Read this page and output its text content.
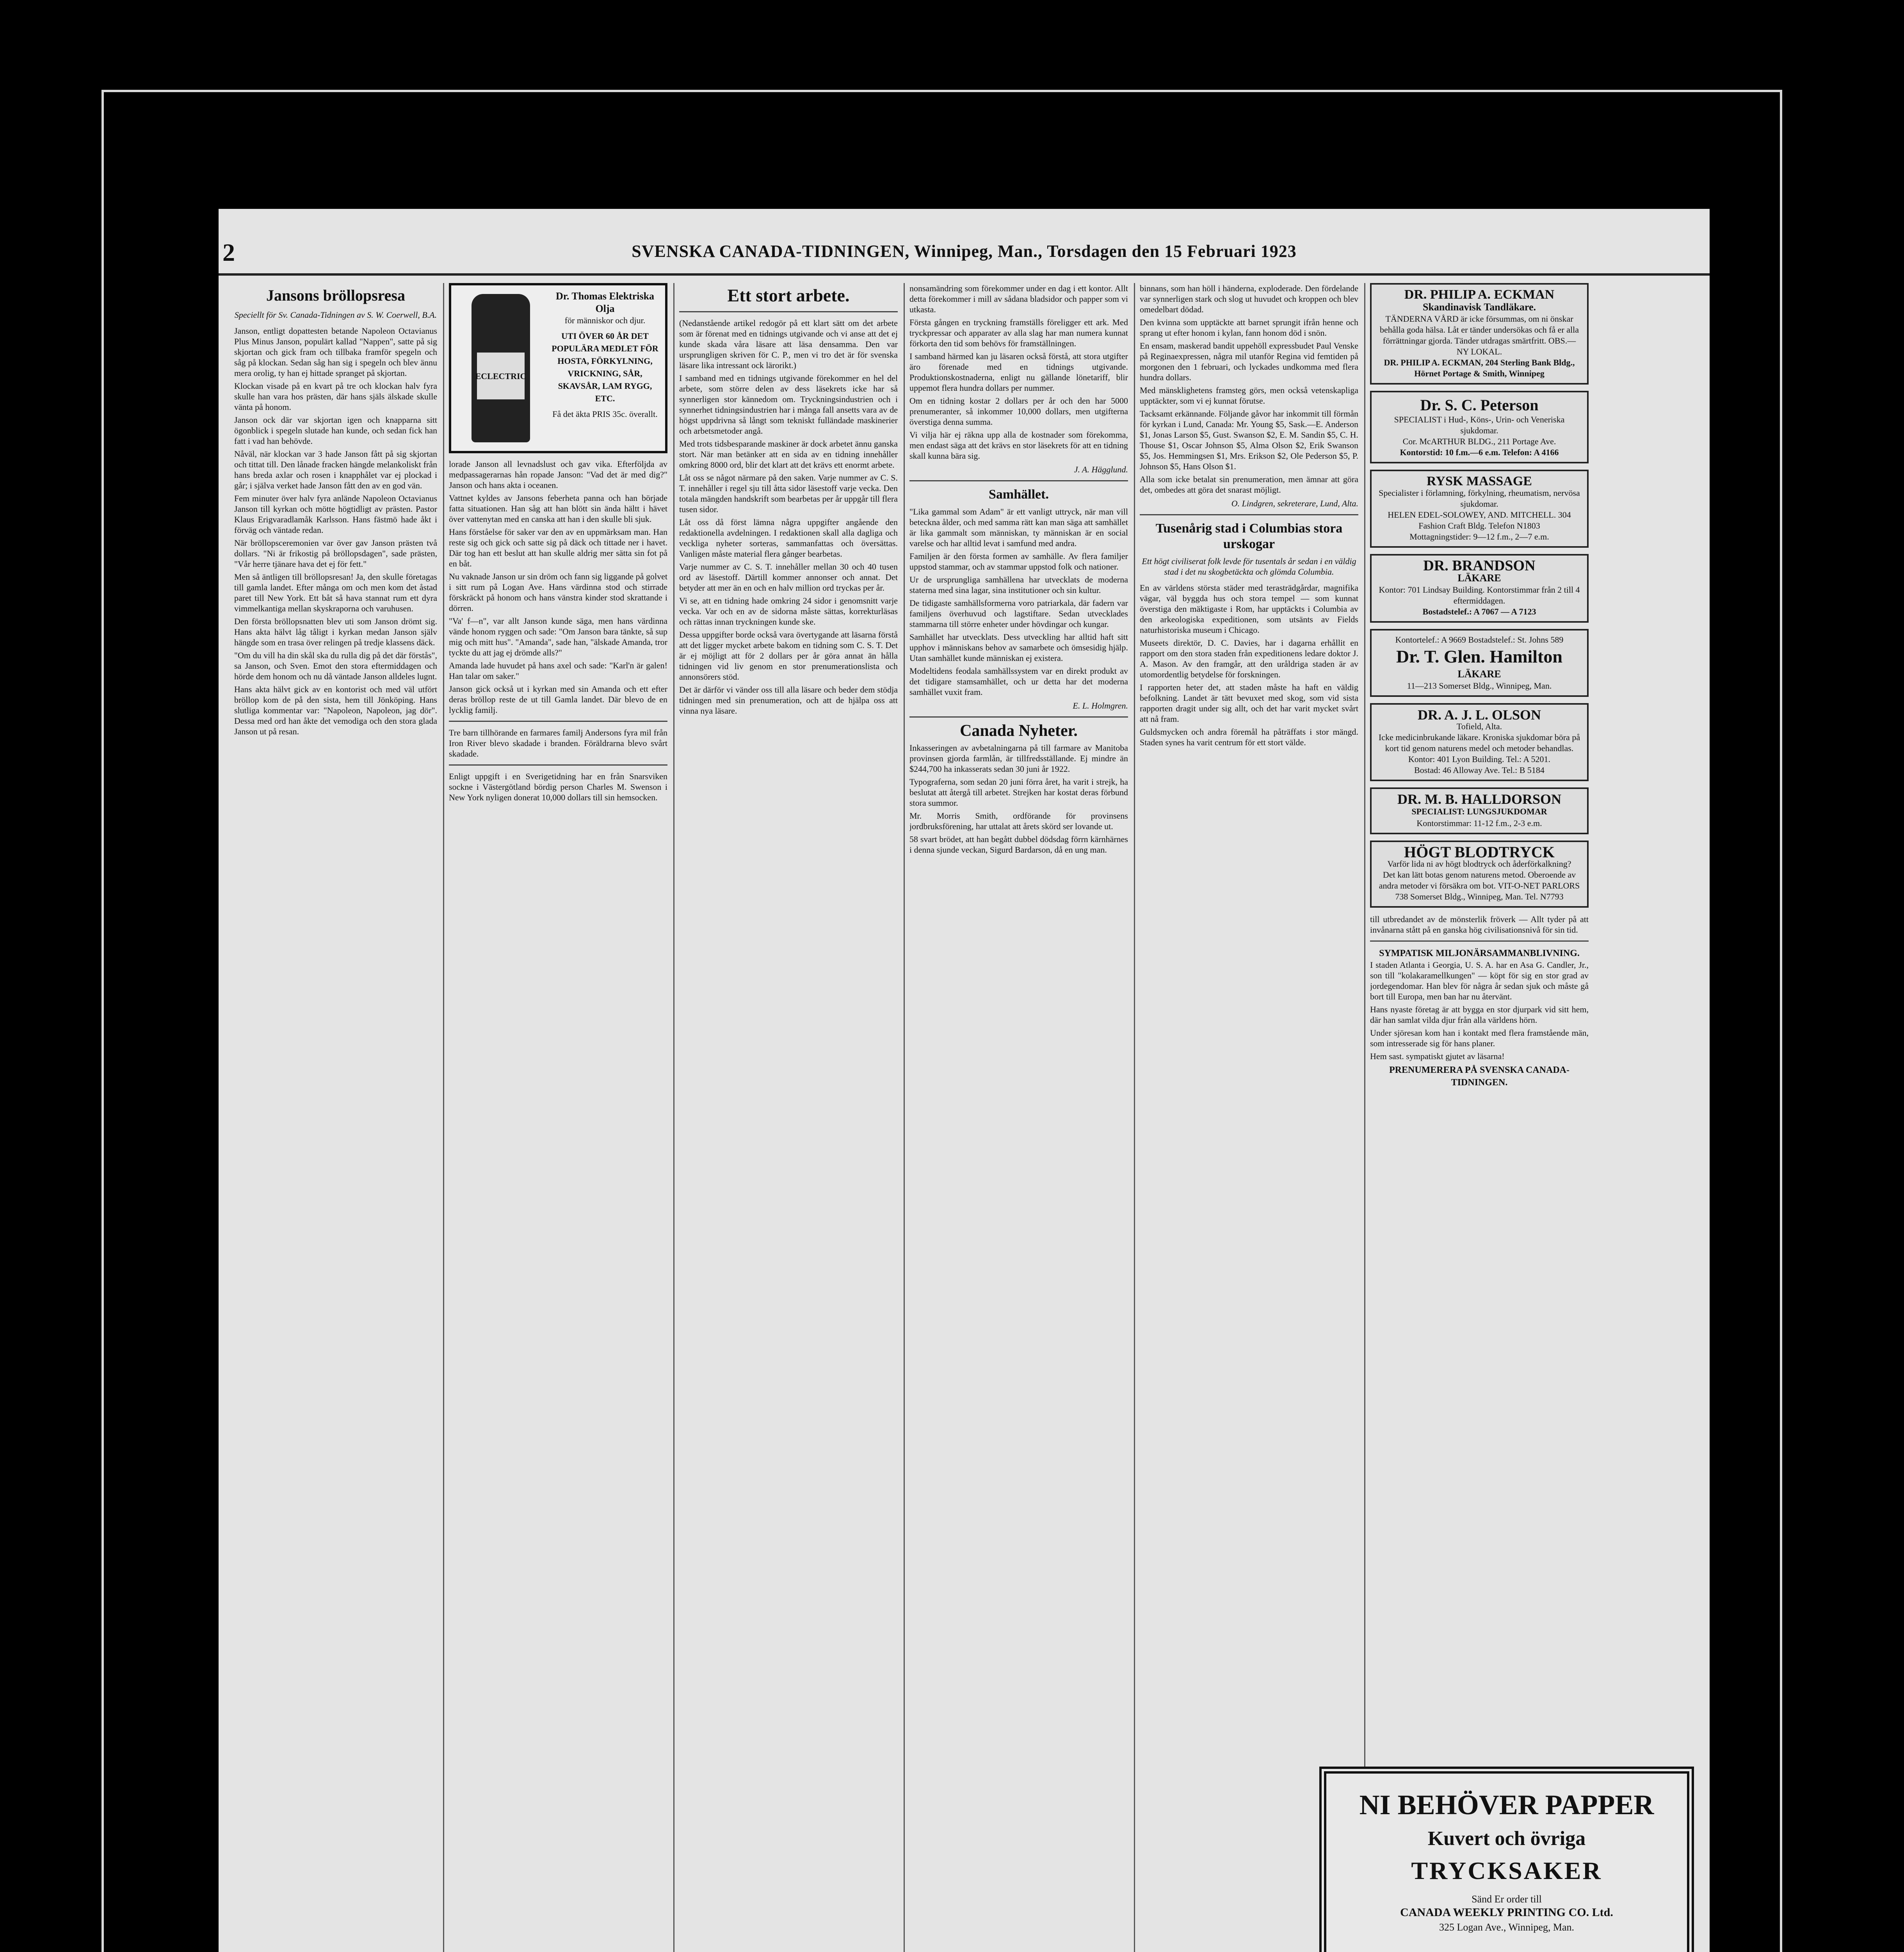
2	SVENSKA CANADA-TIDNINGEN, Winnipeg, Man., Torsdagen den 15 Februari 1923
Jansons bröllopsresa
Speciellt för Sv. Canada-Tidningen av S. W. Coerwell, B.A.

Janson, entligt dopattesten betande Napoleon Octavianus Plus Minus Janson, populärt kallad "Nappen", satte på sig skjortan och gick fram och tillbaka framför spegeln och såg på klockan. Sedan såg han sig i spegeln och blev ännu mera orolig, ty han ej hittade spranget på skjortan.

Klockan visade på en kvart på tre och klockan halv fyra skulle han vara hos prästen, där hans själs älskade skulle vänta på honom.

Janson ock där var skjortan igen och knapparna sitt ögonblick i spegeln slutade han kunde, och sedan fick han fatt i vad han behövde.

Nåväl, när klockan var 3 hade Janson fått på sig skjortan och tittat till. Den lånade fracken hängde melankoliskt från hans breda axlar och rosen i knapphålet var ej plockad i går; i själva verket hade Janson fått den av en god vän.

Fem minuter över halv fyra anlände Napoleon Octavianus Janson till kyrkan och mötte högtidligt av prästen. Pastor Klaus Erigvaradlamåk Karlsson. Hans fästmö hade åkt i förväg och väntade redan.

När bröllopsceremonien var över gav Janson prästen två dollars. "Ni är frikostig på bröllopsdagen", sade prästen, "Vår herre tjänare hava det ej för fett."

Men så äntligen till bröllopsresan! Ja, den skulle företagas till gamla landet. Efter många om och men kom det åstad paret till New York. Ett båt så hava stannat rum ett dyra vimmelkantiga mellan skyskraporna och varuhusen.

Den första bröllopsnatten blev uti som Janson drömt sig. Hans akta hälvt låg tåligt i kyrkan medan Janson själv hängde som en trasa över relingen på tredje klassens däck.

"Om du vill ha din skål ska du rulla dig på det där förstås", sa Janson, och Sven. Emot den stora eftermiddagen och hörde dem honom och nu då väntade Janson alldeles lugnt.

Hans akta hälvt gick av en kontorist och med väl utfört bröllop kom de på den sista, hem till Jönköping. Hans slutliga kommentar var: "Napoleon, Napoleon, jag dör". Dessa med ord han åkte det vemodiga och den stora glada Janson ut på resan.

ECLECTRIC
Dr. Thomas Elektriska Olja
för människor och djur.
UTI ÖVER 60 ÅR DET POPULÄRA MEDLET FÖR HOSTA, FÖRKYLNING, VRICKNING, SÅR, SKAVSÅR, LAM RYGG, ETC.
Få det äkta PRIS 35c. överallt.

lorade Janson all levnadslust och gav vika. Efterföljda av medpassagerarnas hån ropade Janson: "Vad det är med dig?" Janson och hans akta i oceanen.

Vattnet kyldes av Jansons feberheta panna och han började fatta situationen. Han såg att han blött sin ända hältt i hävet över vattenytan med en canska att han i den skulle bli sjuk.

Hans förståelse för saker var den av en uppmärksam man. Han reste sig och gick och satte sig på däck och tittade ner i havet. Där tog han ett beslut att han skulle aldrig mer sätta sin fot på en båt.

Nu vaknade Janson ur sin dröm och fann sig liggande på golvet i sitt rum på Logan Ave. Hans värdinna stod och stirrade förskräckt på honom och hans vänstra kinder stod skrattande i dörren.

"Va' f—n", var allt Janson kunde säga, men hans värdinna vände honom ryggen och sade: "Om Janson bara tänkte, så sup mig och mitt hus". "Amanda", sade han, "älskade Amanda, tror tyckte du att jag ej drömde alls?"

Amanda lade huvudet på hans axel och sade: "Karl'n är galen! Han talar om saker."

Janson gick också ut i kyrkan med sin Amanda och ett efter deras bröllop reste de ut till Gamla landet. Där blevo de en lycklig familj.

Tre barn tillhörande en farmares familj Andersons fyra mil från Iron River blevo skadade i branden. Föräldrarna blevo svårt skadade.

Enligt uppgift i en Sverigetidning har en från Snarsviken sockne i Västergötland bördig person Charles M. Swenson i New York nyligen donerat 10,000 dollars till sin hemsocken.

Ett stort arbete.

(Nedanstående artikel redogör på ett klart sätt om det arbete som är förenat med en tidnings utgivande och vi anse att det ej kunde skada våra läsare att läsa densamma. Den var ursprungligen skriven för C. P., men vi tro det är för svenska läsare lika intressant ock lärorikt.)

I samband med en tidnings utgivande förekommer en hel del arbete, som större delen av dess läsekrets icke har så synnerligen stor kännedom om. Tryckningsindustrien och i synnerhet tidningsindustrien har i många fall ansetts vara av de högst uppdrivna så långt som tekniskt fulländade maskinerier och arbetsmetoder angå.

Med trots tidsbesparande maskiner är dock arbetet ännu ganska stort. När man betänker att en sida av en tidning innehåller omkring 8000 ord, blir det klart att det krävs ett enormt arbete.

Låt oss se något närmare på den saken. Varje nummer av C. S. T. innehåller i regel sju till åtta sidor läsestoff varje vecka. Den totala mängden handskrift som bearbetas per år uppgår till flera tusen sidor.

Låt oss då först lämna några uppgifter angående den redaktionella avdelningen. I redaktionen skall alla dagliga och veckliga nyheter sorteras, sammanfattas och översättas. Vanligen måste material flera gånger bearbetas.

Varje nummer av C. S. T. innehåller mellan 30 och 40 tusen ord av läsestoff. Därtill kommer annonser och annat. Det betyder att mer än en och en halv million ord tryckas per år.

Vi se, att en tidning hade omkring 24 sidor i genomsnitt varje vecka. Var och en av de sidorna måste sättas, korrekturläsas och rättas innan tryckningen kunde ske.

Dessa uppgifter borde också vara övertygande att läsarna förstå att det ligger mycket arbete bakom en tidning som C. S. T. Det är ej möjligt att för 2 dollars per år göra annat än hålla tidningen vid liv genom en stor prenumerationslista och annonsörers stöd.

Det är därför vi vänder oss till alla läsare och beder dem stödja tidningen med sin prenumeration, och att de hjälpa oss att vinna nya läsare.

nonsamändring som förekommer under en dag i ett kontor. Allt detta förekommer i mill av sådana bladsidor och papper som vi utkasta.

Första gången en tryckning framställs föreligger ett ark. Med tryckpressar och apparater av alla slag har man numera kunnat förkorta den tid som behövs för framställningen.

I samband härmed kan ju läsaren också förstå, att stora utgifter äro förenade med en tidnings utgivande. Produktionskostnaderna, enligt nu gällande lönetariff, blir uppemot flera hundra dollars per nummer.

Om en tidning kostar 2 dollars per år och den har 5000 prenumeranter, så inkommer 10,000 dollars, men utgifterna överstiga denna summa.

Vi vilja här ej räkna upp alla de kostnader som förekomma, men endast säga att det krävs en stor läsekrets för att en tidning skall kunna bära sig.

J. A. Hägglund.
Samhället.

"Lika gammal som Adam" är ett vanligt uttryck, när man vill beteckna ålder, och med samma rätt kan man säga att samhället är lika gammalt som människan, ty människan är en social varelse och har alltid levat i samfund med andra.

Familjen är den första formen av samhälle. Av flera familjer uppstod stammar, och av stammar uppstod folk och nationer.

Ur de ursprungliga samhällena har utvecklats de moderna staterna med sina lagar, sina institutioner och sin kultur.

De tidigaste samhällsformerna voro patriarkala, där fadern var familjens överhuvud och lagstiftare. Sedan utvecklades stammarna till större enheter under hövdingar och kungar.

Samhället har utvecklats. Dess utveckling har alltid haft sitt upphov i människans behov av samarbete och ömsesidig hjälp. Utan samhället kunde människan ej existera.

Modeltidens feodala samhällssystem var en direkt produkt av det tidigare stamsamhället, och ur detta har det moderna samhället vuxit fram.

E. L. Holmgren.
Canada Nyheter.

Inkasseringen av avbetalningarna på till farmare av Manitoba provinsen gjorda farmlån, är tillfredsställande. Ej mindre än $244,700 ha inkasserats sedan 30 juni år 1922.

Typograferna, som sedan 20 juni förra året, ha varit i strejk, ha beslutat att återgå till arbetet. Strejken har kostat deras förbund stora summor.

Mr. Morris Smith, ordförande för provinsens jordbruksförening, har uttalat att årets skörd ser lovande ut.

58 svart brödet, att han begått dubbel dödsdag förrn kärnhärnes i denna sjunde veckan, Sigurd Bardarson, då en ung man.

binnans, som han höll i händerna, exploderade. Den fördelande var synnerligen stark och slog ut huvudet och kroppen och blev omedelbart dödad.

Den kvinna som upptäckte att barnet sprungit ifrån henne och sprang ut efter honom i kylan, fann honom död i snön.

En ensam, maskerad bandit uppehöll expressbudet Paul Venske på Reginaexpressen, några mil utanför Regina vid femtiden på morgonen den 1 februari, och lyckades undkomma med flera hundra dollars.

Med mänsklighetens framsteg görs, men också vetenskapliga upptäckter, som vi ej kunnat förutse.

Tacksamt erkännande. Följande gåvor har inkommit till förmån för kyrkan i Lund, Canada: Mr. Young $5, Sask.—E. Anderson $1, Jonas Larson $5, Gust. Swanson $2, E. M. Sandin $5, C. H. Thouse $1, Oscar Johnson $5, Alma Olson $2, Erik Swanson $5, Jos. Hemmingsen $1, Mrs. Erikson $2, Ole Pederson $5, P. Johnson $5, Hans Olson $1.

Alla som icke betalat sin prenumeration, men ämnar att göra det, ombedes att göra det snarast möjligt.

O. Lindgren, sekreterare, Lund, Alta.
Tusenårig stad i Columbias stora urskogar
Ett högt civiliserat folk levde för tusentals år sedan i en väldig stad i det nu skogbetäckta och glömda Columbia.

En av världens största städer med terasträdgårdar, magnifika vägar, väl byggda hus och stora tempel — som kunnat överstiga den mäktigaste i Rom, har upptäckts i Columbia av den arkeologiska expeditionen, som utsänts av Fields naturhistoriska museum i Chicago.

Museets direktör, D. C. Davies, har i dagarna erhållit en rapport om den stora staden från expeditionens ledare doktor J. A. Mason. Av den framgår, att den uråldriga staden är av utomordentlig betydelse för forskningen.

I rapporten heter det, att staden måste ha haft en väldig befolkning. Landet är tätt bevuxet med skog, som vid sista rapporten dragit under sig allt, och det har varit mycket svårt att nå fram.

Guldsmycken och andra föremål ha påträffats i stor mängd. Staden synes ha varit centrum för ett stort välde.

DR. PHILIP A. ECKMAN
Skandinavisk Tandläkare.
TÄNDERNA VÅRD är icke försummas, om ni önskar behålla goda hälsa. Låt er tänder undersökas och få er alla förrättningar gjorda. Tänder utdragas smärtfritt. OBS.—NY LOKAL.
DR. PHILIP A. ECKMAN, 204 Sterling Bank Bldg., Hörnet Portage & Smith, Winnipeg
Dr. S. C. Peterson
SPECIALIST i Hud-, Köns-, Urin- och Veneriska sjukdomar.
Cor. McARTHUR BLDG., 211 Portage Ave.
Kontorstid: 10 f.m.—6 e.m. Telefon: A 4166
RYSK MASSAGE
Specialister i förlamning, förkylning, rheumatism, nervösa sjukdomar.
HELEN EDEL-SOLOWEY, AND. MITCHELL. 304 Fashion Craft Bldg. Telefon N1803
Mottagningstider: 9—12 f.m., 2—7 e.m.
DR. BRANDSON
LÄKARE
Kontor: 701 Lindsay Building. Kontorstimmar från 2 till 4 eftermiddagen.
Bostadstelef.: A 7067 — A 7123
Kontortelef.: A 9669 Bostadstelef.: St. Johns 589
Dr. T. Glen. Hamilton
LÄKARE
11—213 Somerset Bldg., Winnipeg, Man.
DR. A. J. L. OLSON
Tofield, Alta.
Icke medicinbrukande läkare. Kroniska sjukdomar böra på kort tid genom naturens medel och metoder behandlas. Kontor: 401 Lyon Building. Tel.: A 5201.
Bostad: 46 Alloway Ave. Tel.: B 5184
DR. M. B. HALLDORSON
SPECIALIST: LUNGSJUKDOMAR
Kontorstimmar: 11-12 f.m., 2-3 e.m.
HÖGT BLODTRYCK
Varför lida ni av högt blodtryck och åderförkalkning?
Det kan lätt botas genom naturens metod. Oberoende av andra metoder vi försäkra om bot. VIT-O-NET PARLORS
738 Somerset Bldg., Winnipeg, Man. Tel. N7793

till utbredandet av de mönsterlik fröverk — Allt tyder på att invånarna stått på en ganska hög civilisationsnivå för sin tid.

SYMPATISK MILJONÄRSAMMANBLIVNING.

I staden Atlanta i Georgia, U. S. A. har en Asa G. Candler, Jr., son till "kolakaramellkungen" — köpt för sig en stor grad av jordegendomar. Han blev för några år sedan sjuk och måste gå bort till Europa, men ban har nu återvänt.

Hans nyaste företag är att bygga en stor djurpark vid sitt hem, där han samlat vilda djur från alla världens hörn.

Under sjöresan kom han i kontakt med flera framstående män, som intresserade sig för hans planer.

Hem sast. sympatiskt gjutet av läsarna!

PRENUMERERA PÅ SVENSKA CANADA-TIDNINGEN.
NI BEHÖVER PAPPER
Kuvert och övriga
TRYCKSAKER
Sänd Er order till
CANADA WEEKLY PRINTING CO. Ltd.
325 Logan Ave., Winnipeg, Man.
